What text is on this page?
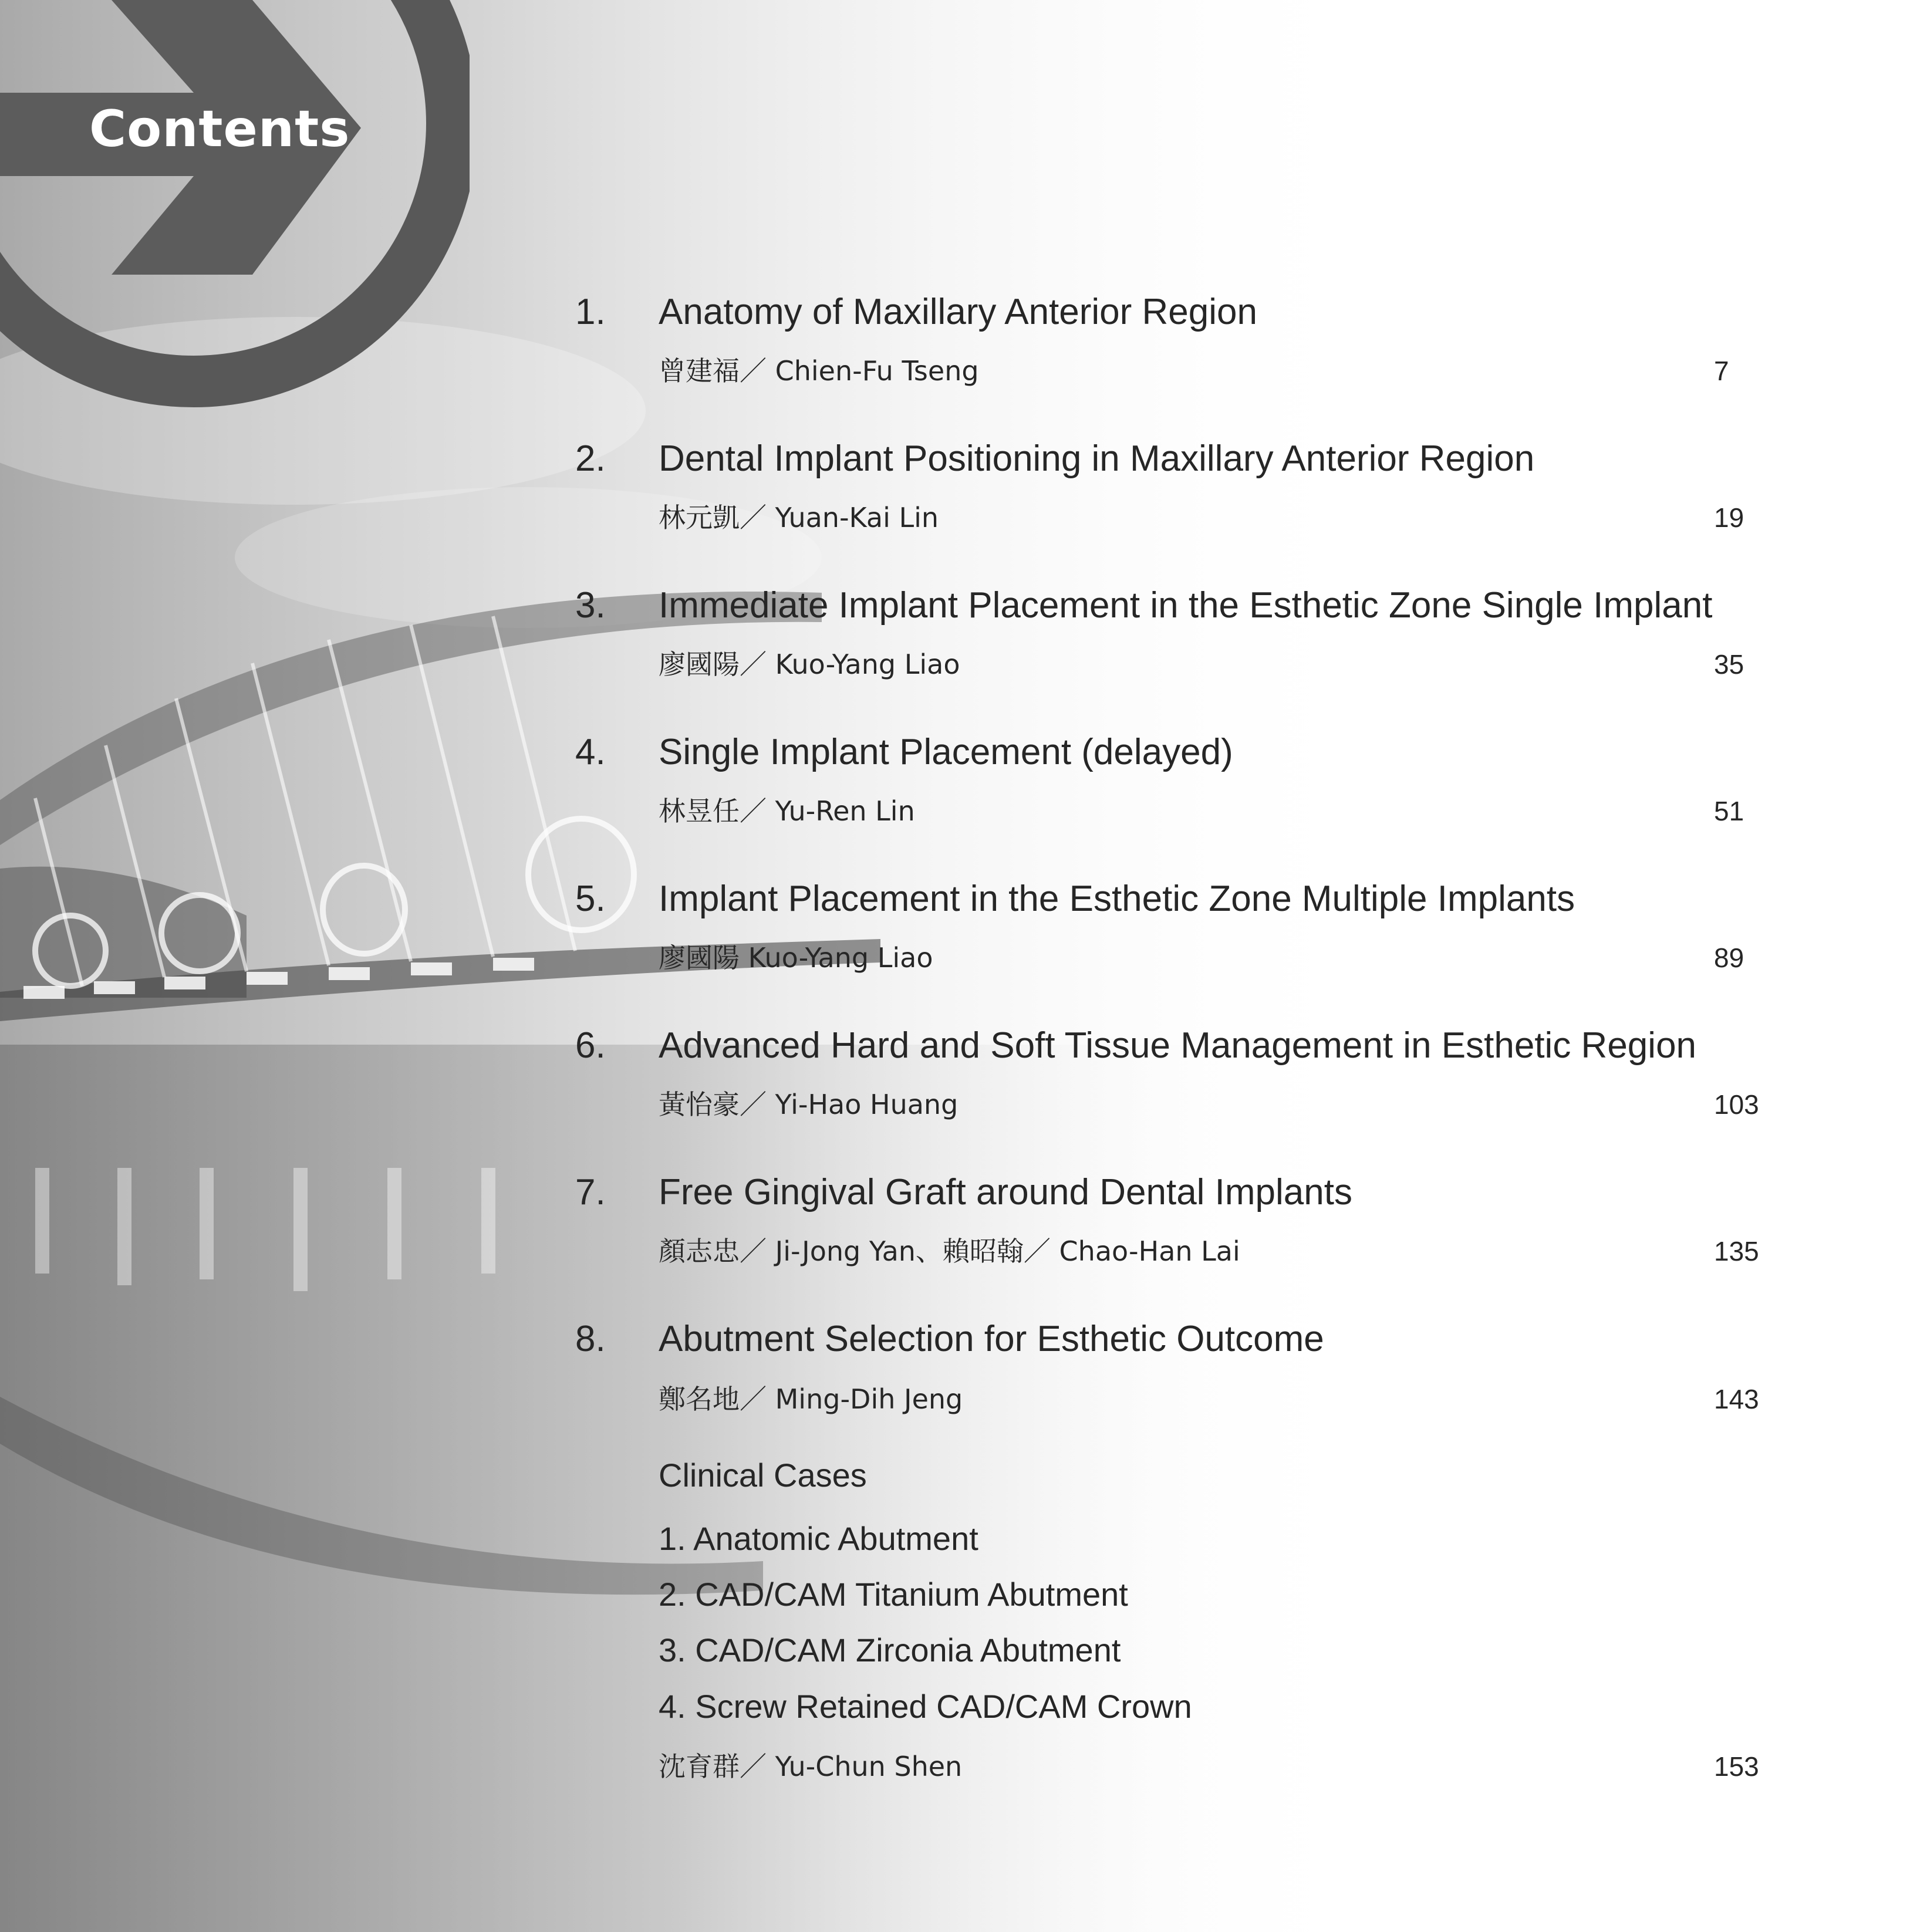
Contents
1. Anatomy of Maxillary Anterior Region
曾建福／ Chien-Fu Tseng	7
2. Dental Implant Positioning in Maxillary Anterior Region
林元凱／ Yuan-Kai Lin	19
3. Immediate Implant Placement in the Esthetic Zone Single Implant
廖國陽／ Kuo-Yang Liao	35
4. Single Implant Placement (delayed)
林昱任／ Yu-Ren Lin	51
5. Implant Placement in the Esthetic Zone Multiple Implants
廖國陽 Kuo-Yang Liao	89
6. Advanced Hard and Soft Tissue Management in Esthetic Region
黃怡豪／ Yi-Hao Huang	103
7. Free Gingival Graft around Dental Implants
顏志忠／ Ji-Jong Yan、賴昭翰／ Chao-Han Lai	135
8. Abutment Selection for Esthetic Outcome
鄭名地／ Ming-Dih Jeng	143
Clinical Cases
1. Anatomic Abutment
2. CAD/CAM Titanium Abutment
3. CAD/CAM Zirconia Abutment
4. Screw Retained CAD/CAM Crown
沈育群／ Yu-Chun Shen	153
